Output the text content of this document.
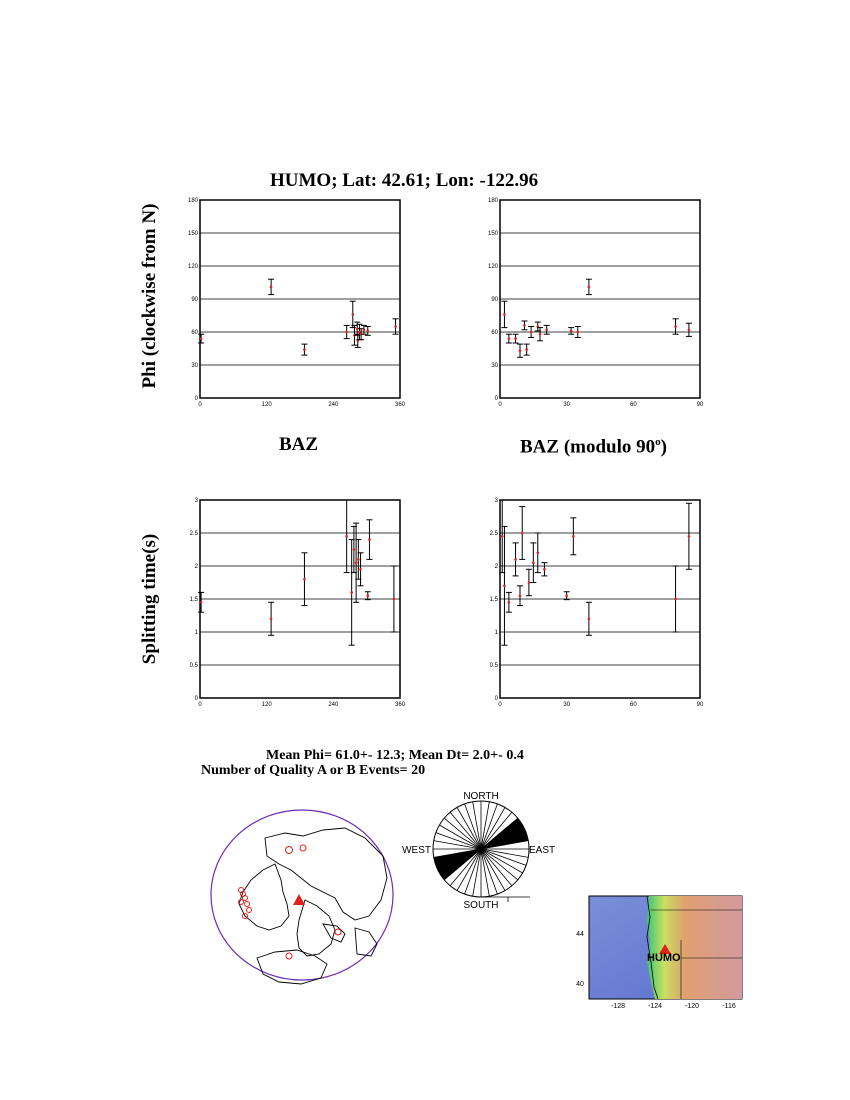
HUMO; Lat: 42.61; Lon: -122.96
Phi (clockwise from N)
Splitting time(s)
0
30
60
90
120
150
180
0	120	240	360
0
30
60
90
120
150
180
0	30	60	90
0
0.5
1
1.5
2
2.5
3
0	120	240	360
0
0.5
1
1.5
2
2.5
3
0	30	60	90
BAZ	BAZ (modulo 90$^o$)
Mean Phi= 61.0+- 12.3; Mean Dt= 2.0+- 0.4
Number of Quality A or B Events= 20
NORTH
SOUTH
WEST	EAST
HUMO
44
40
-128	-124	-120	-116
